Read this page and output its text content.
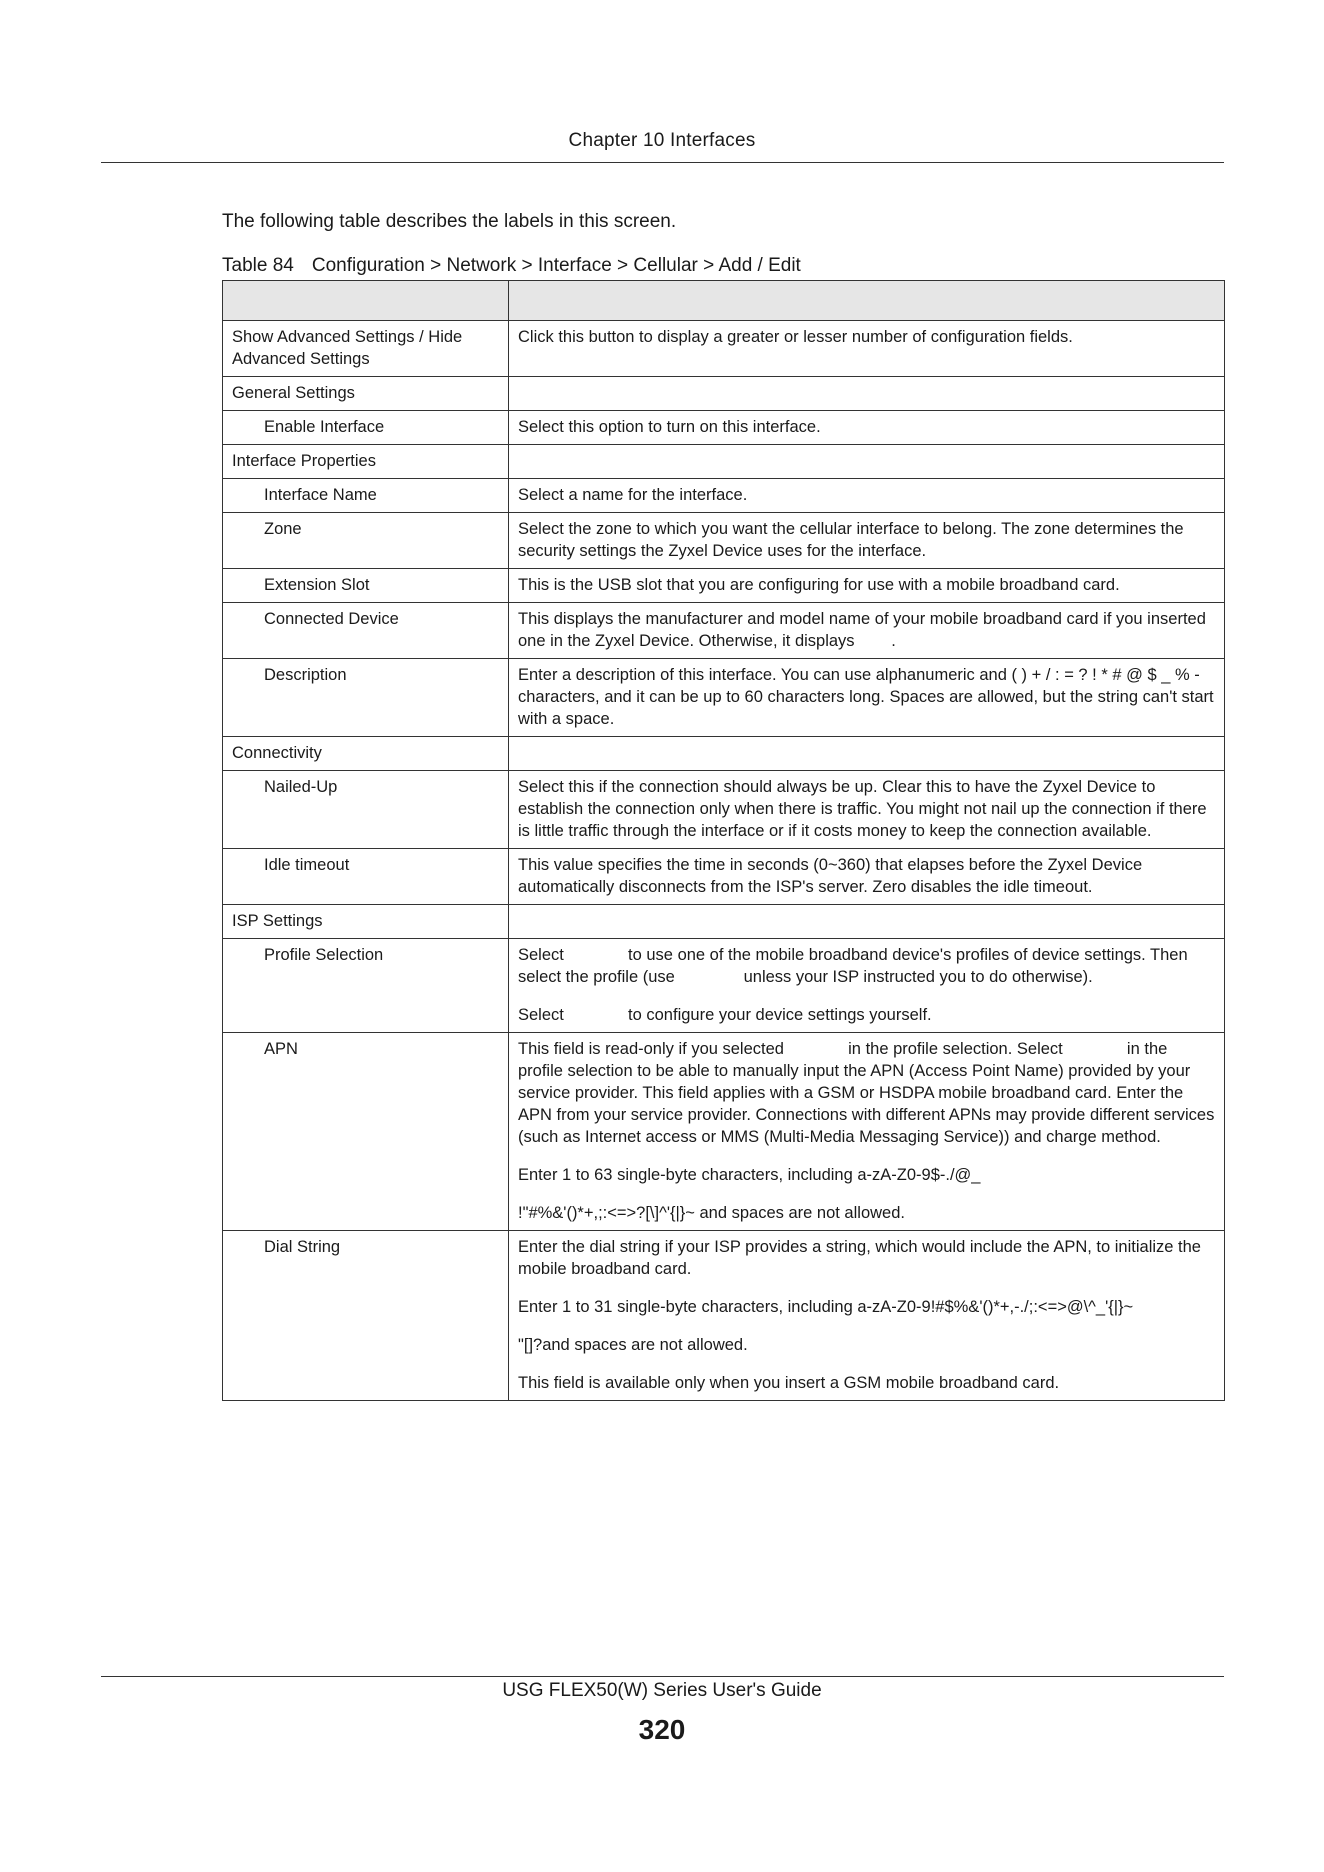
Chapter 10 Interfaces
The following table describes the labels in this screen.
Table 84 Configuration > Network > Interface > Cellular > Add / Edit

Show Advanced Settings / Hide Advanced Settings	Click this button to display a greater or lesser number of configuration fields.

General Settings	
Enable Interface	Select this option to turn on this interface.

Interface Properties	
Interface Name	Select a name for the interface.

Zone	Select the zone to which you want the cellular interface to belong. The zone determines the security settings the Zyxel Device uses for the interface.

Extension Slot	This is the USB slot that you are configuring for use with a mobile broadband card.

Connected Device	This displays the manufacturer and model name of your mobile broadband card if you inserted one in the Zyxel Device. Otherwise, it displays        .

Description	Enter a description of this interface. You can use alphanumeric and ( ) + / : = ? ! * # @ $ _ % - characters, and it can be up to 60 characters long. Spaces are allowed, but the string can't start with a space.

Connectivity	
Nailed-Up	Select this if the connection should always be up. Clear this to have the Zyxel Device to establish the connection only when there is traffic. You might not nail up the connection if there is little traffic through the interface or if it costs money to keep the connection available.

Idle timeout	This value specifies the time in seconds (0~360) that elapses before the Zyxel Device automatically disconnects from the ISP's server. Zero disables the idle timeout.

ISP Settings	
Profile Selection	Select              to use one of the mobile broadband device's profiles of device settings. Then select the profile (use               unless your ISP instructed you to do otherwise).

Select              to configure your device settings yourself.

APN	This field is read-only if you selected              in the profile selection. Select              in the profile selection to be able to manually input the APN (Access Point Name) provided by your service provider. This field applies with a GSM or HSDPA mobile broadband card. Enter the APN from your service provider. Connections with different APNs may provide different services (such as Internet access or MMS (Multi-Media Messaging Service)) and charge method.

Enter 1 to 63 single-byte characters, including a-zA-Z0-9$-./@_

!"#%&'()*+,;:<=>?[\]^'{|}~ and spaces are not allowed.

Dial String	Enter the dial string if your ISP provides a string, which would include the APN, to initialize the mobile broadband card.

Enter 1 to 31 single-byte characters, including a-zA-Z0-9!#$%&'()*+,-./;:<=>@\^_'{|}~

"[]?and spaces are not allowed.

This field is available only when you insert a GSM mobile broadband card.

USG FLEX50(W) Series User's Guide
320
